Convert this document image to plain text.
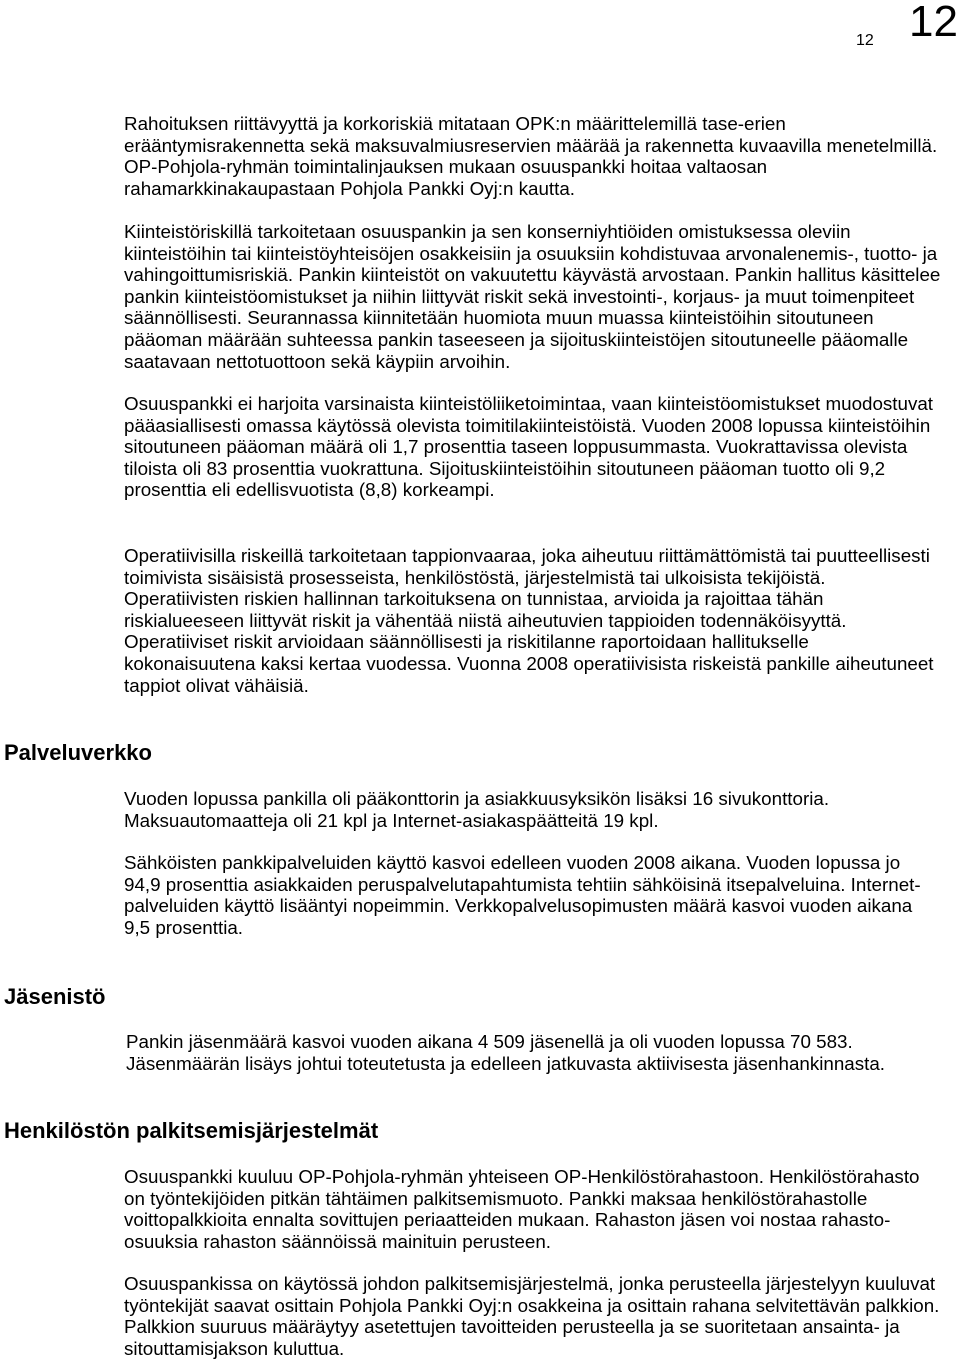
12 12
Rahoituksen riittävyyttä ja korkoriskiä mitataan OPK:n määrittelemillä tase-erien
erääntymisrakennetta sekä maksuvalmiusreservien määrää ja rakennetta kuvaavilla menetelmillä.
OP-Pohjola-ryhmän toimintalinjauksen mukaan osuuspankki hoitaa valtaosan
rahamarkkinakaupastaan Pohjola Pankki Oyj:n kautta.
Kiinteistöriskillä tarkoitetaan osuuspankin ja sen konserniyhtiöiden omistuksessa oleviin
kiinteistöihin tai kiinteistöyhteisöjen osakkeisiin ja osuuksiin kohdistuvaa arvonalenemis-, tuotto- ja
vahingoittumisriskiä. Pankin kiinteistöt on vakuutettu käyvästä arvostaan. Pankin hallitus käsittelee
pankin kiinteistöomistukset ja niihin liittyvät riskit sekä investointi-, korjaus- ja muut toimenpiteet
säännöllisesti. Seurannassa kiinnitetään huomiota muun muassa kiinteistöihin sitoutuneen
pääoman määrään suhteessa pankin taseeseen ja sijoituskiinteistöjen sitoutuneelle pääomalle
saatavaan nettotuottoon sekä käypiin arvoihin.
Osuuspankki ei harjoita varsinaista kiinteistöliiketoimintaa, vaan kiinteistöomistukset muodostuvat
pääasiallisesti omassa käytössä olevista toimitilakiinteistöistä. Vuoden 2008 lopussa kiinteistöihin
sitoutuneen pääoman määrä oli 1,7 prosenttia taseen loppusummasta. Vuokrattavissa olevista
tiloista oli 83 prosenttia vuokrattuna. Sijoituskiinteistöihin sitoutuneen pääoman tuotto oli 9,2
prosenttia eli edellisvuotista (8,8) korkeampi.
Operatiivisilla riskeillä tarkoitetaan tappionvaaraa, joka aiheutuu riittämättömistä tai puutteellisesti
toimivista sisäisistä prosesseista, henkilöstöstä, järjestelmistä tai ulkoisista tekijöistä.
Operatiivisten riskien hallinnan tarkoituksena on tunnistaa, arvioida ja rajoittaa tähän
riskialueeseen liittyvät riskit ja vähentää niistä aiheutuvien tappioiden todennäköisyyttä.
Operatiiviset riskit arvioidaan säännöllisesti ja riskitilanne raportoidaan hallitukselle
kokonaisuutena kaksi kertaa vuodessa. Vuonna 2008 operatiivisista riskeistä pankille aiheutuneet
tappiot olivat vähäisiä.
Palveluverkko
Vuoden lopussa pankilla oli pääkonttorin ja asiakkuusyksikön lisäksi 16 sivukonttoria.
Maksuautomaatteja oli 21 kpl ja Internet-asiakaspäätteitä 19 kpl.
Sähköisten pankkipalveluiden käyttö kasvoi edelleen vuoden 2008 aikana. Vuoden lopussa jo
94,9 prosenttia asiakkaiden peruspalvelutapahtumista tehtiin sähköisinä itsepalveluina. Internet-
palveluiden käyttö lisääntyi nopeimmin. Verkkopalvelusopimusten määrä kasvoi vuoden aikana
9,5 prosenttia.
Jäsenistö
Pankin jäsenmäärä kasvoi vuoden aikana 4 509 jäsenellä ja oli vuoden lopussa 70 583.
Jäsenmäärän lisäys johtui toteutetusta ja edelleen jatkuvasta aktiivisesta jäsenhankinnasta.
Henkilöstön palkitsemisjärjestelmät
Osuuspankki kuuluu OP-Pohjola-ryhmän yhteiseen OP-Henkilöstörahastoon. Henkilöstörahasto
on työntekijöiden pitkän tähtäimen palkitsemismuoto. Pankki maksaa henkilöstörahastolle
voittopalkkioita ennalta sovittujen periaatteiden mukaan. Rahaston jäsen voi nostaa rahasto-
osuuksia rahaston säännöissä mainituin perusteen.
Osuuspankissa on käytössä johdon palkitsemisjärjestelmä, jonka perusteella järjestelyyn kuuluvat
työntekijät saavat osittain Pohjola Pankki Oyj:n osakkeina ja osittain rahana selvitettävän palkkion.
Palkkion suuruus määräytyy asetettujen tavoitteiden perusteella ja se suoritetaan ansainta- ja
sitouttamisjakson kuluttua.
